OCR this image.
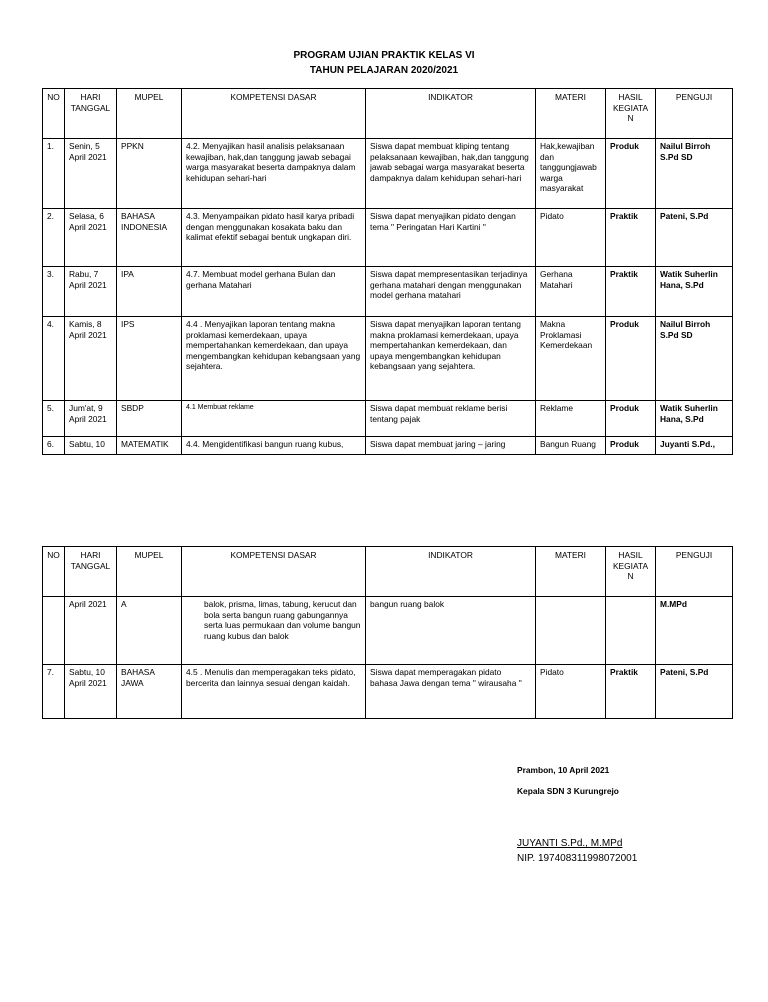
PROGRAM UJIAN PRAKTIK KELAS VI
TAHUN PELAJARAN 2020/2021
NO	HARI TANGGAL	MUPEL	KOMPETENSI DASAR	INDIKATOR	MATERI	HASIL KEGIATA N	PENGUJI
1.	Senin, 5 April 2021	PPKN	4.2. Menyajikan hasil analisis pelaksanaan kewajiban, hak,dan tanggung jawab sebagai warga masyarakat beserta dampaknya dalam kehidupan sehari-hari	Siswa dapat membuat kliping tentang pelaksanaan kewajiban, hak,dan tanggung jawab sebagai warga masyarakat beserta dampaknya dalam kehidupan sehari-hari	Hak,kewajiban dan tanggungjawab warga masyarakat	Produk	Nailul Birroh S.Pd SD
2.	Selasa, 6 April 2021	BAHASA INDONESIA	4.3. Menyampaikan pidato hasil karya pribadi dengan menggunakan kosakata baku dan kalimat efektif sebagai bentuk ungkapan diri.	Siswa dapat menyajikan pidato dengan tema " Peringatan Hari Kartini "	Pidato	Praktik	Pateni, S.Pd
3.	Rabu, 7 April 2021	IPA	4.7. Membuat model gerhana Bulan dan gerhana Matahari	Siswa dapat mempresentasikan terjadinya gerhana matahari dengan menggunakan model gerhana matahari	Gerhana Matahari	Praktik	Watik Suherlin Hana, S.Pd
4.	Kamis, 8 April 2021	IPS	4.4 . Menyajikan laporan tentang makna proklamasi kemerdekaan, upaya mempertahankan kemerdekaan, dan upaya mengembangkan kehidupan kebangsaan yang sejahtera.	Siswa dapat menyajikan laporan tentang makna proklamasi kemerdekaan, upaya mempertahankan kemerdekaan, dan upaya mengembangkan kehidupan kebangsaan yang sejahtera.	Makna Proklamasi Kemerdekaan	Produk	Nailul Birroh S.Pd SD
5.	Jum'at, 9 April 2021	SBDP	4.1 Membuat reklame	Siswa dapat membuat reklame berisi tentang pajak	Reklame	Produk	Watik Suherlin Hana, S.Pd
6.	Sabtu, 10	MATEMATIK	4.4. Mengidentifikasi bangun ruang kubus,	Siswa dapat membuat jaring – jaring	Bangun Ruang	Produk	Juyanti S.Pd.,
NO	HARI TANGGAL	MUPEL	KOMPETENSI DASAR	INDIKATOR	MATERI	HASIL KEGIATA N	PENGUJI
	April 2021	A	balok, prisma, limas, tabung, kerucut dan bola serta bangun ruang gabungannya serta luas permukaan dan volume bangun ruang kubus dan balok	bangun ruang balok			M.MPd
7.	Sabtu, 10 April 2021	BAHASA JAWA	4.5 . Menulis dan memperagakan teks pidato, bercerita dan lainnya sesuai dengan kaidah.	Siswa dapat memperagakan pidato bahasa Jawa dengan tema " wirausaha "	Pidato	Praktik	Pateni, S.Pd
Prambon, 10 April 2021
Kepala SDN 3 Kurungrejo
JUYANTI S.Pd., M.MPd
NIP. 197408311998072001
